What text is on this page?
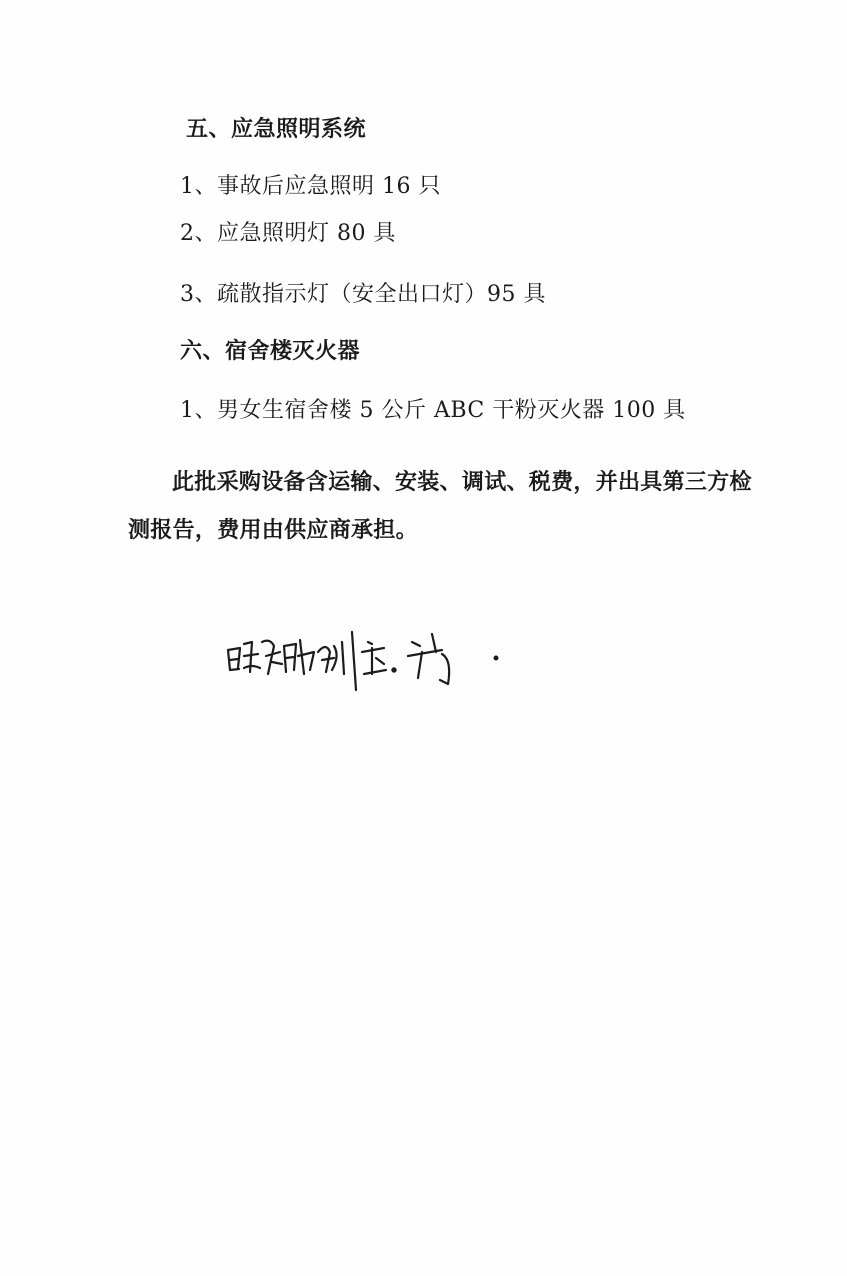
五、应急照明系统
1、事故后应急照明 16 只
2、应急照明灯 80 具
3、疏散指示灯（安全出口灯）95 具
六、宿舍楼灭火器
1、男女生宿舍楼 5 公斤 ABC 干粉灭火器 100 具
此批采购设备含运输、安装、调试、税费，并出具第三方检测报告，费用由供应商承担。
